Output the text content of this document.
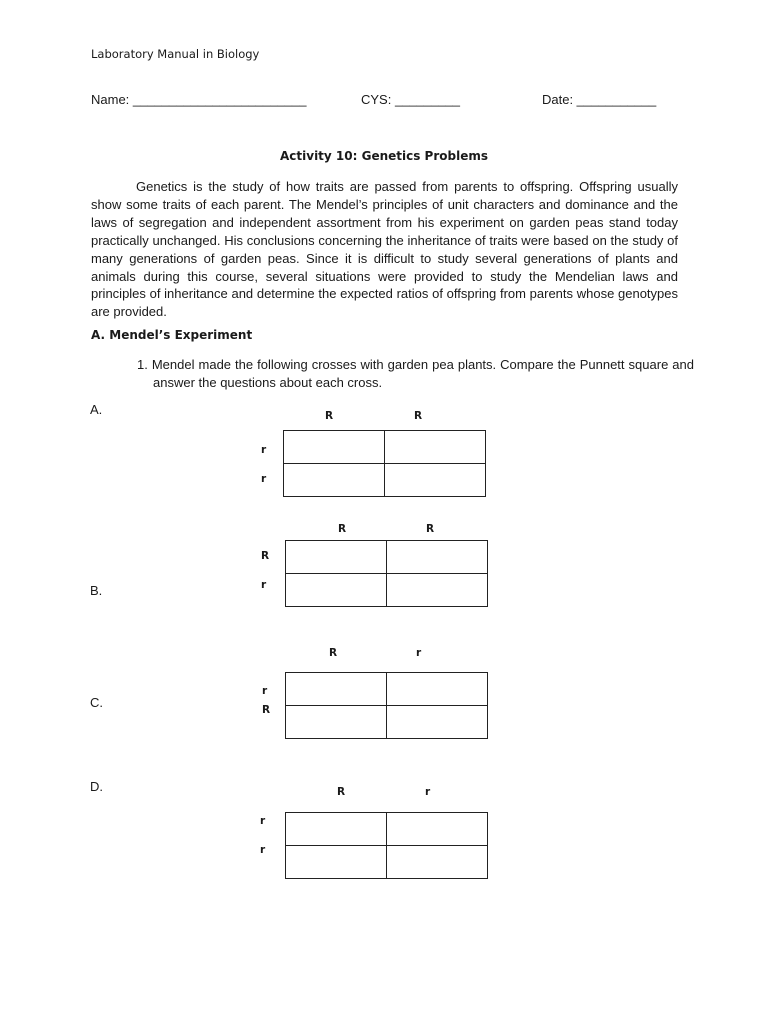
Laboratory Manual in Biology
Name: ________________________	CYS: _________	Date: ___________
Activity 10: Genetics Problems

Genetics is the study of how traits are passed from parents to offspring. Offspring usually show some traits of each parent. The Mendel’s principles of unit characters and dominance and the laws of segregation and independent assortment from his experiment on garden peas stand today practically unchanged. His conclusions concerning the inheritance of traits were based on the study of many generations of garden peas. Since it is difficult to study several generations of plants and animals during this course, several situations were provided to study the Mendelian laws and principles of inheritance and determine the expected ratios of offspring from parents whose genotypes are provided.

A. Mendel’s Experiment

1. Mendel made the following crosses with garden pea plants. Compare the Punnett square and answer the questions about each cross.

A.	R	R
r
r

R	R
R
r
B.

R	r
r
R
C.

D.	R	r
r
r
